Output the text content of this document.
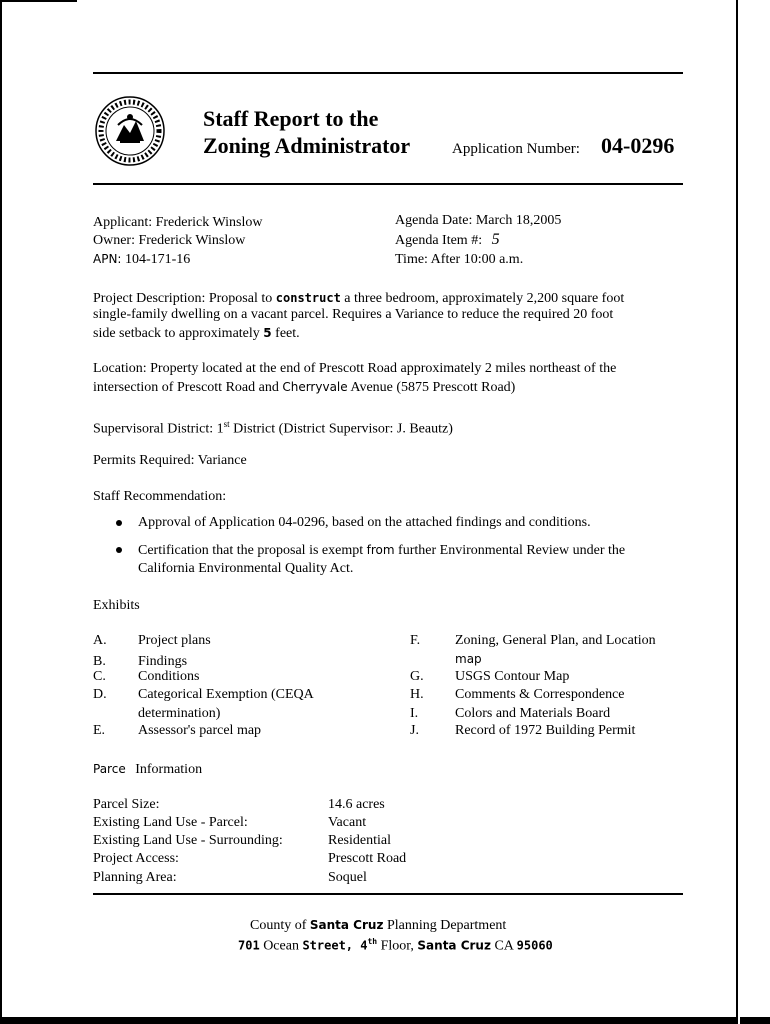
Staff Report to the
Zoning Administrator	Application Number: 04-0296
Applicant: Frederick Winslow
Owner: Frederick Winslow
APN: 104-171-16
Agenda Date: March 18,2005
Agenda Item #: 5
Time: After 10:00 a.m.
Project Description: Proposal to construct a three bedroom, approximately 2,200 square foot
single-family dwelling on a vacant parcel. Requires a Variance to reduce the required 20 foot
side setback to approximately 5 feet.
Location: Property located at the end of Prescott Road approximately 2 miles northeast of the
intersection of Prescott Road and Cherryvale Avenue (5875 Prescott Road)
Supervisoral District: 1st District (District Supervisor: J. Beautz)
Permits Required: Variance
Staff Recommendation:
Approval of Application 04-0296, based on the attached findings and conditions.
Certification that the proposal is exempt from further Environmental Review under the
California Environmental Quality Act.
Exhibits
A. Project plans
B. Findings
C. Conditions
D. Categorical Exemption (CEQA
determination)
E. Assessor's parcel map
F. Zoning, General Plan, and Location
map
G. USGS Contour Map
H. Comments & Correspondence
I.	Colors and Materials Board
J.	Record of 1972 Building Permit
Parce Information
Parcel Size:	14.6 acres
Existing Land Use - Parcel:	Vacant
Existing Land Use - Surrounding:	Residential
Project Access:	Prescott Road
Planning Area:	Soquel
County of Santa Cruz Planning Department
701 Ocean Street, 4th Floor, Santa Cruz CA 95060
